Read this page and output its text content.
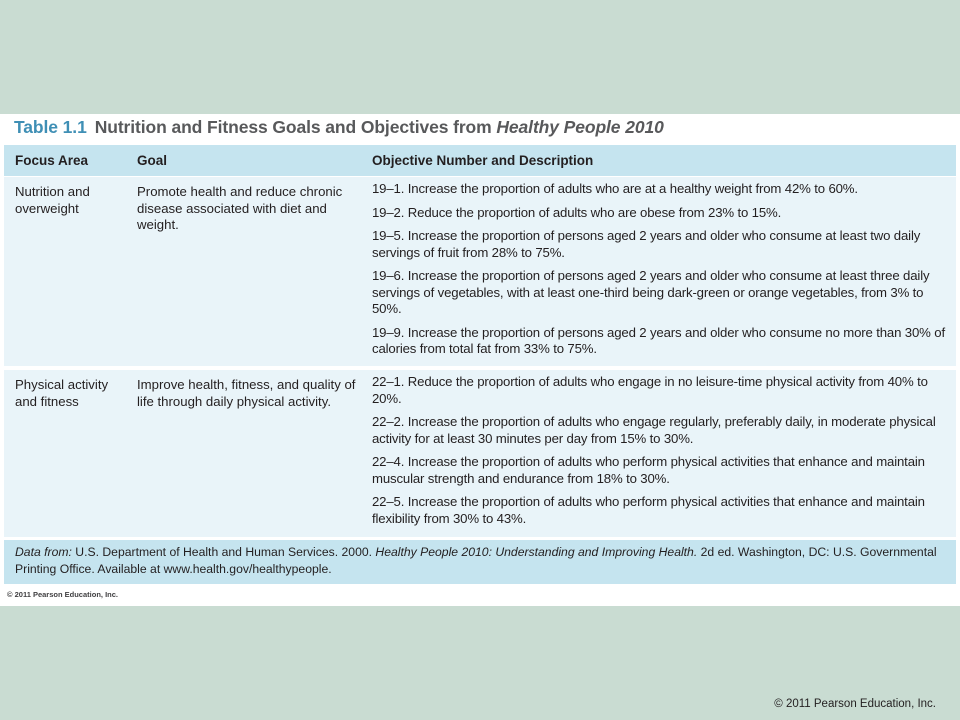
Table 1.1 Nutrition and Fitness Goals and Objectives from Healthy People 2010
Focus Area	Goal	Objective Number and Description
Nutrition and overweight
Promote health and reduce chronic disease associated with diet and weight.
19–1. Increase the proportion of adults who are at a healthy weight from 42% to 60%.
19–2. Reduce the proportion of adults who are obese from 23% to 15%.
19–5. Increase the proportion of persons aged 2 years and older who consume at least two daily servings of fruit from 28% to 75%.
19–6. Increase the proportion of persons aged 2 years and older who consume at least three daily servings of vegetables, with at least one-third being dark-green or orange vegetables, from 3% to 50%.
19–9. Increase the proportion of persons aged 2 years and older who consume no more than 30% of calories from total fat from 33% to 75%.
Physical activity and fitness
Improve health, fitness, and quality of life through daily physical activity.
22–1. Reduce the proportion of adults who engage in no leisure-time physical activity from 40% to 20%.
22–2. Increase the proportion of adults who engage regularly, preferably daily, in moderate physical activity for at least 30 minutes per day from 15% to 30%.
22–4. Increase the proportion of adults who perform physical activities that enhance and maintain muscular strength and endurance from 18% to 30%.
22–5. Increase the proportion of adults who perform physical activities that enhance and maintain flexibility from 30% to 43%.
Data from: U.S. Department of Health and Human Services. 2000. Healthy People 2010: Understanding and Improving Health. 2d ed. Washington, DC: U.S. Governmental Printing Office. Available at www.health.gov/healthypeople.
© 2011 Pearson Education, Inc.
© 2011 Pearson Education, Inc.
